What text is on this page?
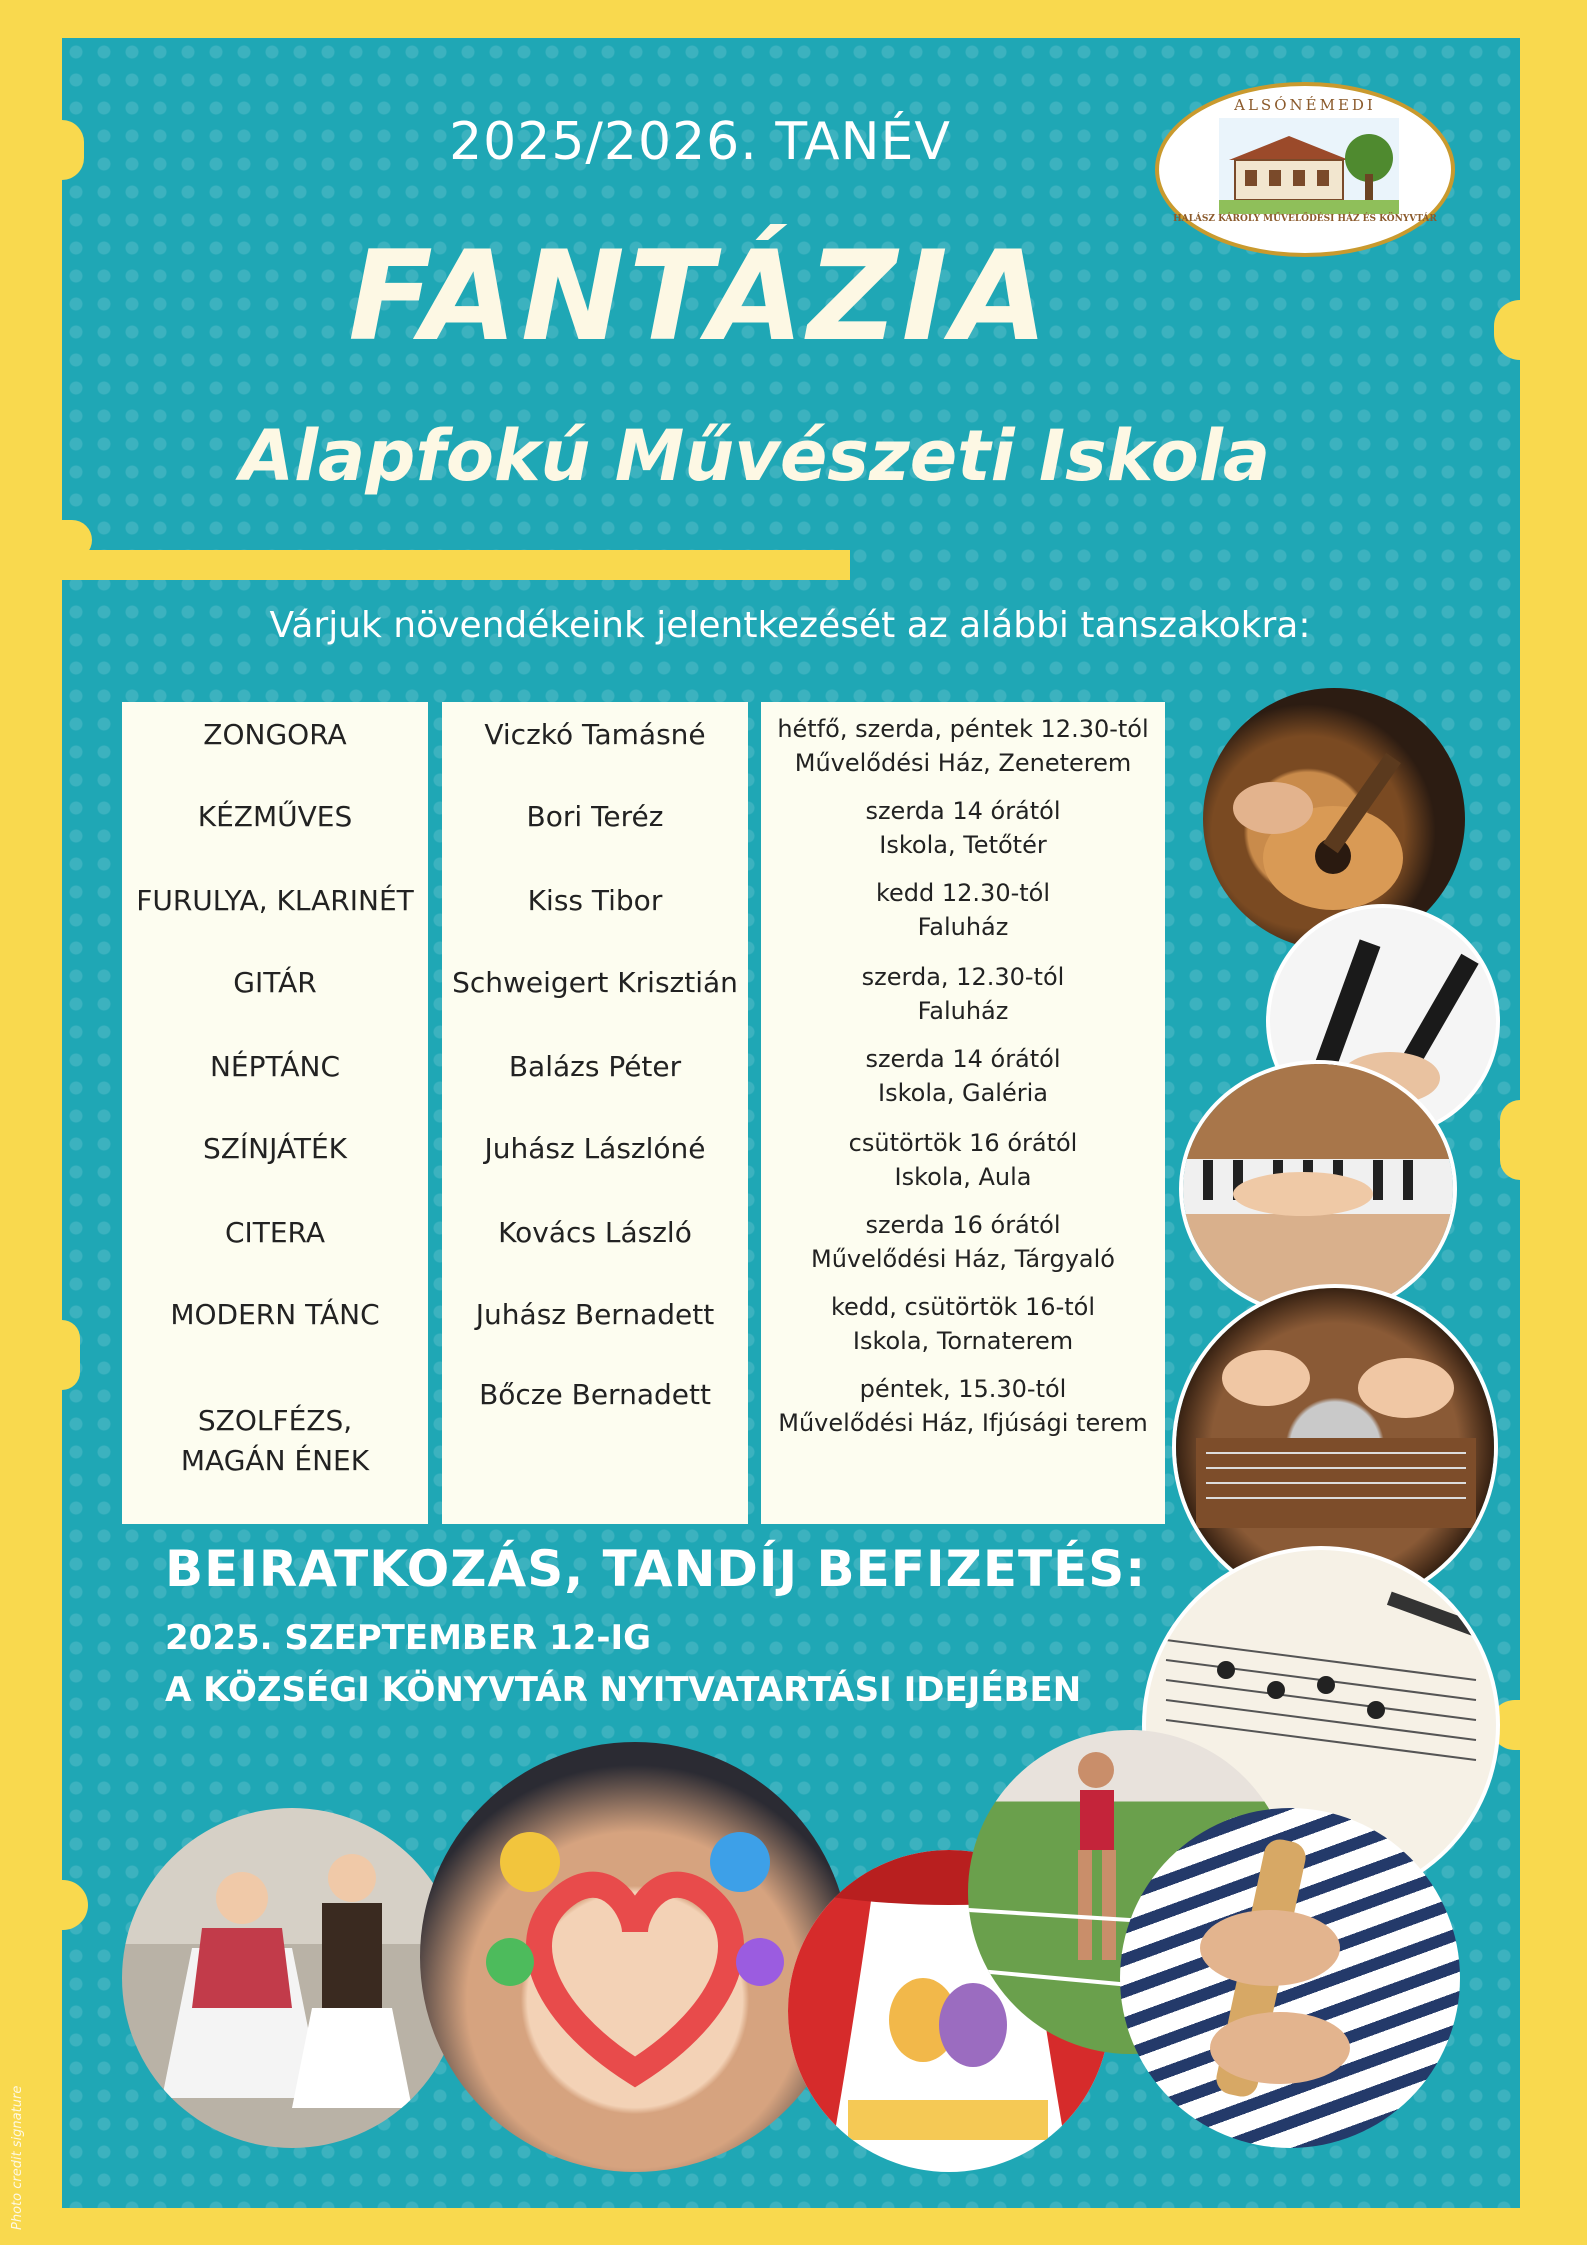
2025/2026. TANÉV
FANTÁZIA
Alapfokú Művészeti Iskola
Várjuk növendékeink jelentkezését az alábbi tanszakokra:
ALSÓNÉMEDI
HALÁSZ KÁROLY MŰVELŐDÉSI HÁZ ÉS KÖNYVTÁR
ZONGORA
KÉZMŰVES
FURULYA, KLARINÉT
GITÁR
NÉPTÁNC
SZÍNJÁTÉK
CITERA
MODERN TÁNC
SZOLFÉZS,
MAGÁN ÉNEK
Viczkó Tamásné
Bori Teréz
Kiss Tibor
Schweigert Krisztián
Balázs Péter
Juhász Lászlóné
Kovács László
Juhász Bernadett
Bőcze Bernadett
hétfő, szerda, péntek 12.30-tól
Művelődési Ház, Zeneterem
szerda 14 órától
Iskola, Tetőtér
kedd 12.30-tól
Faluház
szerda, 12.30-tól
Faluház
szerda 14 órától
Iskola, Galéria
csütörtök 16 órától
Iskola, Aula
szerda 16 órától
Művelődési Ház, Tárgyaló
kedd, csütörtök 16-tól
Iskola, Tornaterem
péntek, 15.30-tól
Művelődési Ház, Ifjúsági terem
BEIRATKOZÁS, TANDÍJ BEFIZETÉS:
2025. SZEPTEMBER 12-IG
A KÖZSÉGI KÖNYVTÁR NYITVATARTÁSI IDEJÉBEN
Photo credit signature
